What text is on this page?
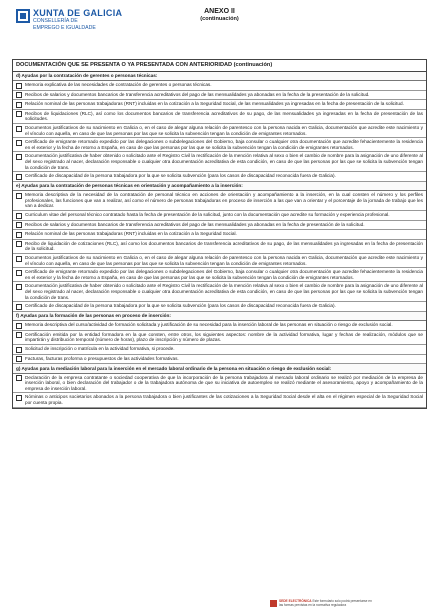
XUNTA DE GALICIA
CONSELLERÍA DE
EMPREGO E IGUALDADE
ANEXO II
(continuación)
DOCUMENTACIÓN QUE SE PRESENTA O YA PRESENTADA CON ANTERIORIDAD (continuación)
d) Ayudas por la contratación de gerentes o personas técnicas:
Memoria explicativa de las necesidades de contratación de gerentes o personas técnicas.
Recibos de salarios y documentos bancarios de transferencia acreditativos del pago de las mensualidades ya abonadas en la fecha de la presentación de la solicitud.
Relación nominal de las personas trabajadoras (RNT) incluidas en la cotización a la Seguridad Social, de las mensualidades ya ingresadas en la fecha de presentación de la solicitud.
Recibos de liquidaciones (RLC), así como los documentos bancarios de transferencia acreditativos de su pago, de las mensualidades ya ingresadas en la fecha de presentación de las solicitudes.
Documentos justificativos de su nacimiento en Galicia o, en el caso de alegar alguna relación de parentesco con la persona nacida en Galicia, documentación que acredite este nacimiento y el vínculo con aquella, en caso de que las personas por las que se solicita la subvención tengan la condición de emigrantes retornados.
Certificado de emigrante retornado expedido por las delegaciones o subdelegaciones del Gobierno, baja consular o cualquier otra documentación que acredite fehacientemente la residencia en el exterior y la fecha de retorno a España, en caso de que las personas por las que se solicita la subvención tengan la condición de emigrantes retornados.
Documentación justificativa de haber obtenido o solicitado ante el Registro Civil la rectificación de la mención relativa al sexo o bien el cambio de nombre para la asignación de uno diferente al del sexo registrado al nacer, declaración responsable o cualquier otra documentación acreditativa de esta condición, en caso de que las personas por las que se solicita la subvención tengan la condición de trans.
Certificado de discapacidad de la persona trabajadora por la que se solicita subvención (para los casos de discapacidad reconocida fuera de Galicia).
e) Ayudas para la contratación de personas técnicas en orientación y acompañamiento a la inserción:
Memoria descriptiva de la necesidad de la contratación de personal técnico en acciones de orientación y acompañamiento a la inserción, en la cual consten el número y los perfiles profesionales, las funciones que van a realizar, así como el número de personas trabajadoras en proceso de inserción a las que van a orientar y el porcentaje de la jornada de trabajo que les van a dedicar.
Curriculum vitae del personal técnico contratado hasta la fecha de presentación de la solicitud, junto con la documentación que acredite su formación y experiencia profesional.
Recibos de salarios y documentos bancarios de transferencia acreditativos del pago de las mensualidades ya abonadas en la fecha de presentación de la solicitud.
Relación nominal de las personas trabajadoras (RNT) incluidas en la cotización a la Seguridad Social.
Recibo de liquidación de cotizaciones (RLC), así como los documentos bancarios de transferencia acreditativos de su pago, de las mensualidades ya ingresadas en la fecha de presentación de la solicitud.
Documentos justificativos de su nacimiento en Galicia o, en el caso de alegar alguna relación de parentesco con la persona nacida en Galicia, documentación que acredite este nacimiento y el vínculo con aquella, en caso de que las personas por las que se solicita la subvención tengan la condición de emigrantes retornados.
Certificado de emigrante retornado expedido por las delegaciones o subdelegaciones del Gobierno, baja consular o cualquier otra documentación que acredite fehacientemente la residencia en el exterior y la fecha de retorno a España, en caso de que las personas por las que se solicita la subvención tengan la condición de emigrantes retornados.
Documentación justificativa de haber obtenido o solicitado ante el Registro Civil la rectificación de la mención relativa al sexo o bien el cambio de nombre para la asignación de uno diferente al del sexo registrado al nacer, declaración responsable o cualquier otra documentación acreditativa de esta condición, en caso de que las personas por las que se solicita la subvención tengan la condición de trans.
Certificado de discapacidad de la persona trabajadora por la que se solicita subvención (para los casos de discapacidad reconocida fuera de Galicia).
f) Ayudas para la formación de las personas en proceso de inserción:
Memoria descriptiva del curso/actividad de formación solicitada y justificación de su necesidad para la inserción laboral de las personas en situación o riesgo de exclusión social.
Certificación emitida por la entidad formadora en la que consten, entre otros, los siguientes aspectos: nombre de la actividad formativa, lugar y fechas de realización, módulos que se impartirán y distribución temporal (número de horas), plazo de inscripción y número de plazas.
Solicitud de inscripción o matrícula en la actividad formativa, si procede.
Facturas, facturas proforma o presupuestos de las actividades formativas.
g) Ayudas para la mediación laboral para la inserción en el mercado laboral ordinario de la persona en situación o riesgo de exclusión social:
Declaración de la empresa contratante o sociedad cooperativa de que la incorporación de la persona trabajadora al mercado laboral ordinario se realizó por mediación de la empresa de inserción laboral, o bien declaración del trabajador o de la trabajadora autónoma de que su iniciativa de autoempleo se realizó mediante el asesoramiento, apoyo y acompañamiento de la empresa de inserción laboral.
Nóminas o anticipos societarios abonados a la persona trabajadora o bien justificantes de las cotizaciones a la Seguridad Social desde el alta en el régimen especial de la Seguridad Social por cuenta propia.
SEDE ELECTRÓNICA Este formulario solo podrá presentarse en
las formas previstas en la normativa reguladora
